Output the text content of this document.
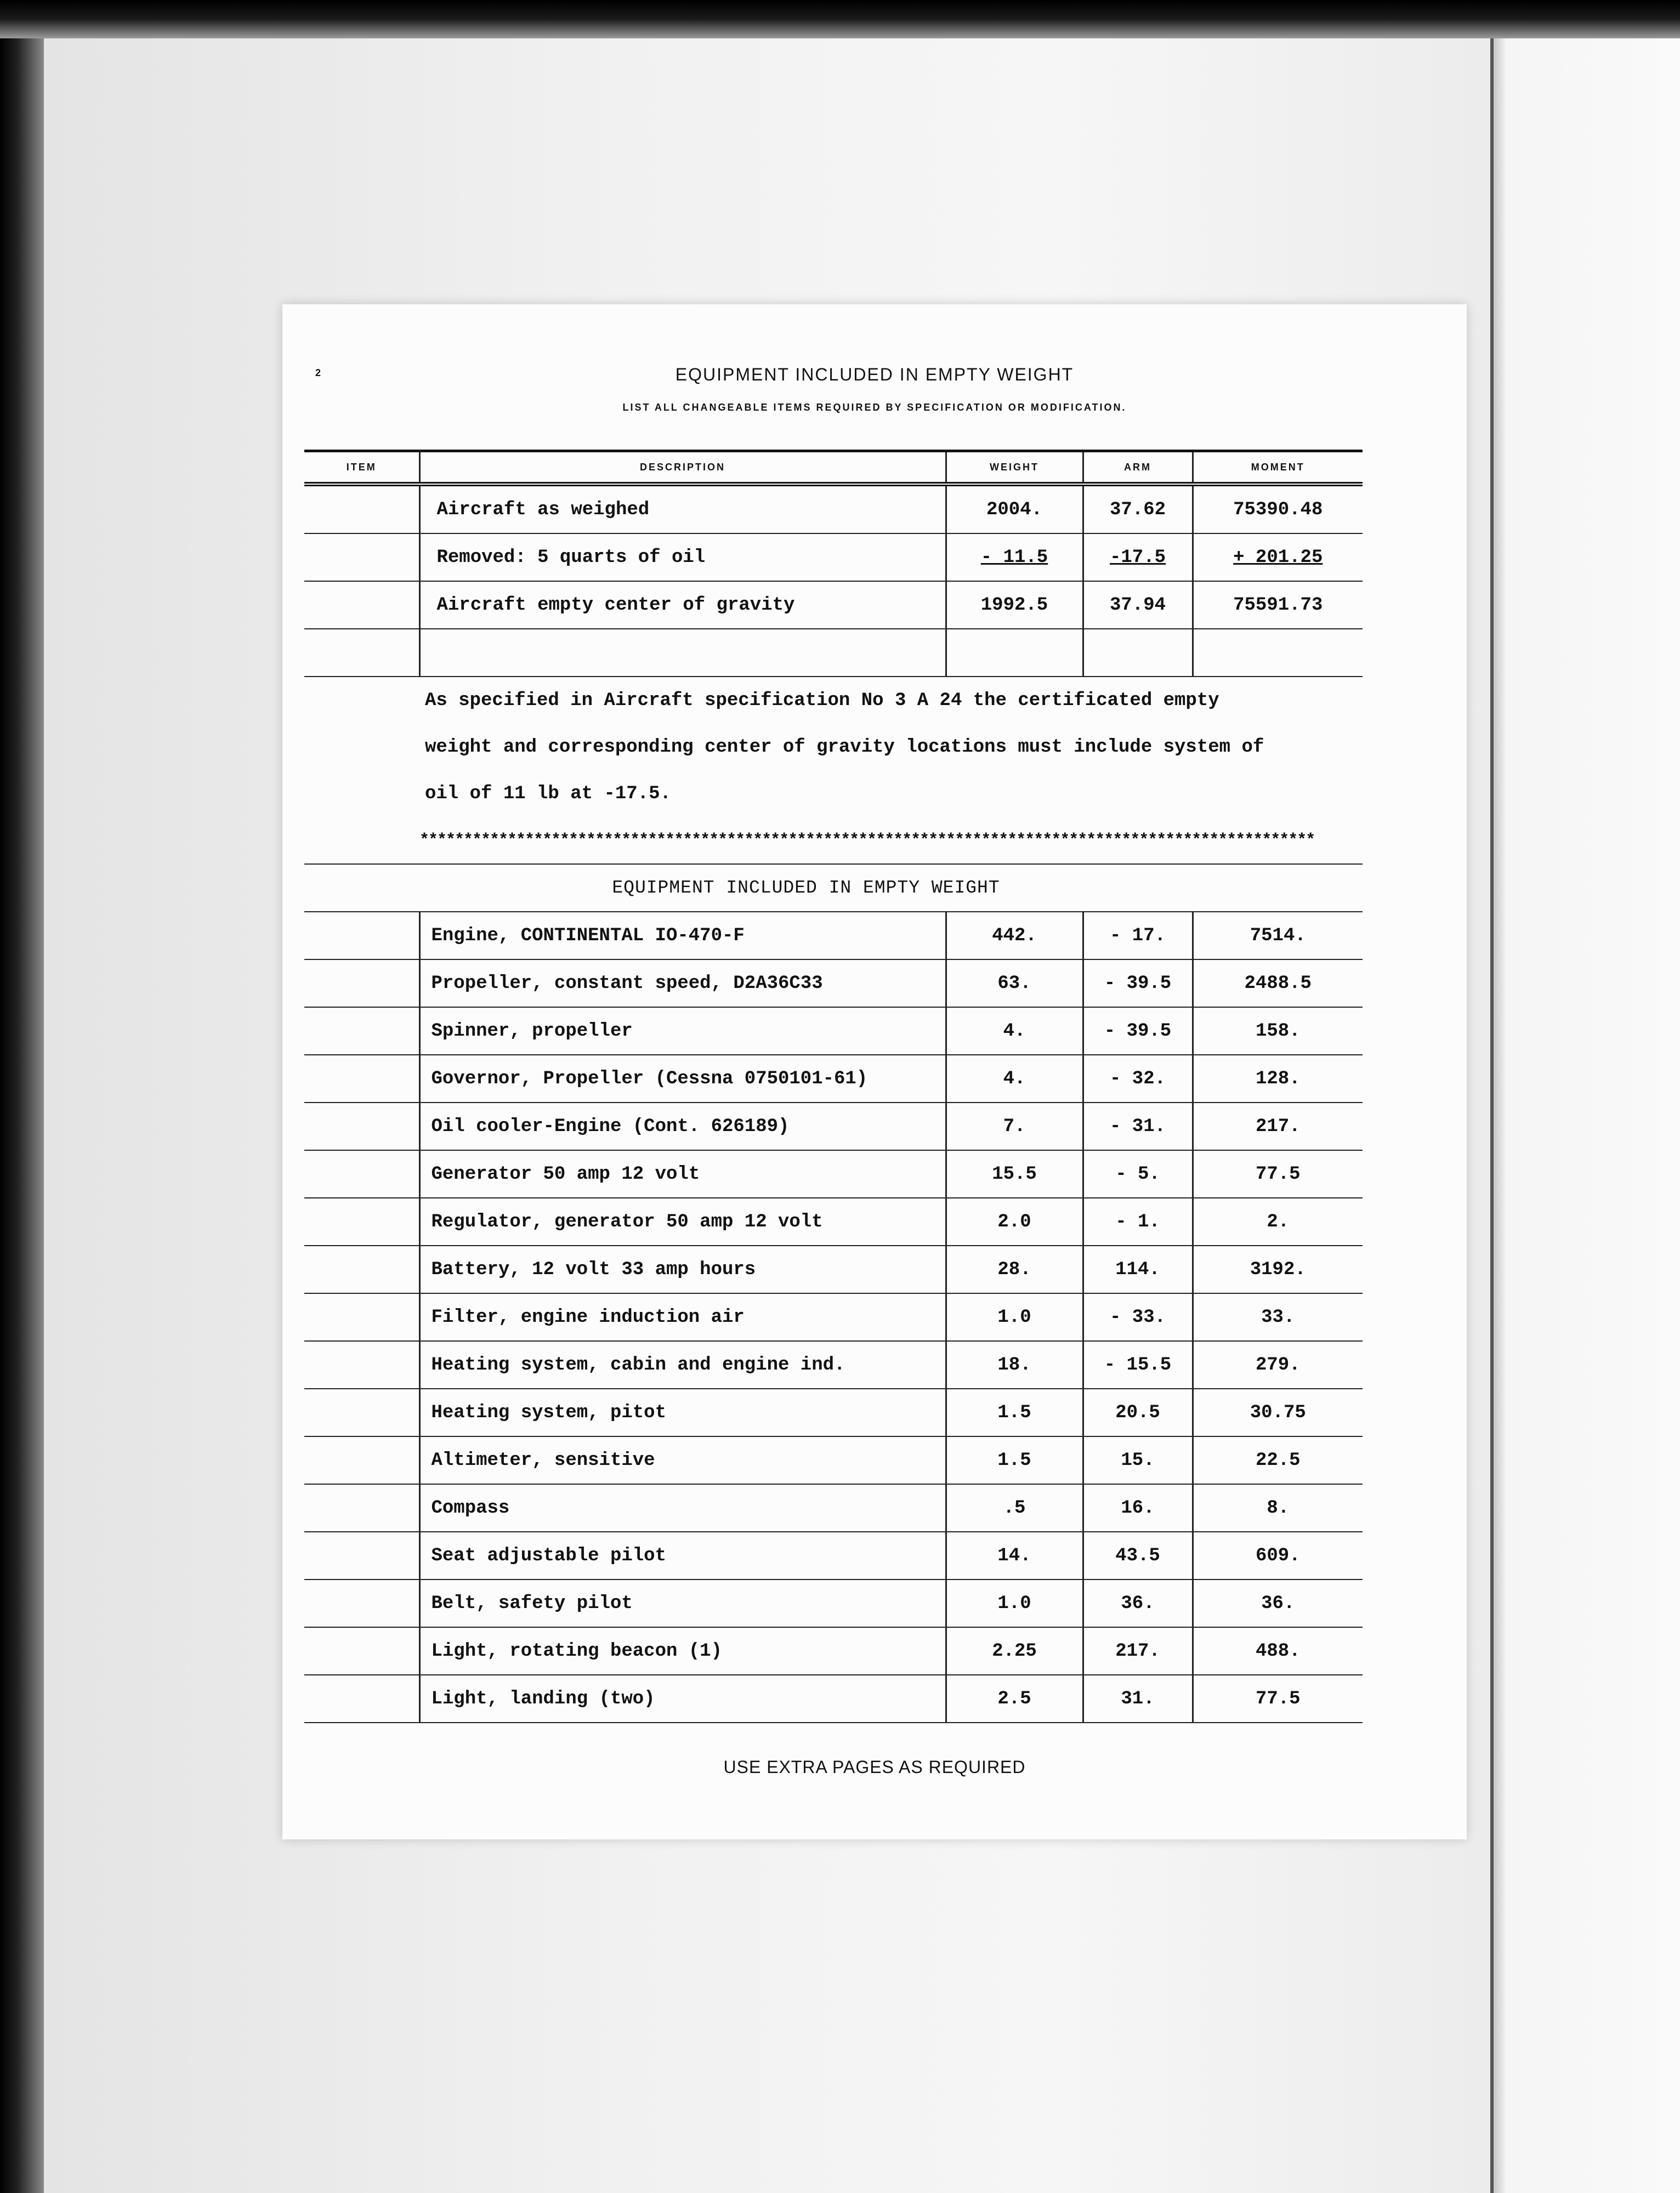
2	EQUIPMENT INCLUDED IN EMPTY WEIGHT
LIST ALL CHANGEABLE ITEMS REQUIRED BY SPECIFICATION OR MODIFICATION.
ITEM	DESCRIPTION	WEIGHT	ARM	MOMENT
	Aircraft as weighed	2004.	37.62	75390.48
	Removed: 5 quarts of oil	- 11.5	-17.5	+ 201.25
	Aircraft empty center of gravity	1992.5	37.94	75591.73

	As specified in Aircraft specification No 3 A 24 the certificated empty			
	weight and corresponding center of gravity locations must include system of			
	oil of 11 lb at -17.5.			
	******************************************************************************************************			
	EQUIPMENT INCLUDED IN EMPTY WEIGHT			
	Engine, CONTINENTAL IO-470-F	442.	- 17.	7514.
	Propeller, constant speed, D2A36C33	63.	- 39.5	2488.5
	Spinner, propeller	4.	- 39.5	158.
	Governor, Propeller (Cessna 0750101-61)	4.	- 32.	128.
	Oil cooler-Engine (Cont. 626189)	7.	- 31.	217.
	Generator 50 amp 12 volt	15.5	- 5.	77.5
	Regulator, generator 50 amp 12 volt	2.0	- 1.	2.
	Battery, 12 volt 33 amp hours	28.	114.	3192.
	Filter, engine induction air	1.0	- 33.	33.
	Heating system, cabin and engine ind.	18.	- 15.5	279.
	Heating system, pitot	1.5	20.5	30.75
	Altimeter, sensitive	1.5	15.	22.5
	Compass	.5	16.	8.
	Seat adjustable pilot	14.	43.5	609.
	Belt, safety pilot	1.0	36.	36.
	Light, rotating beacon (1)	2.25	217.	488.
	Light, landing (two)	2.5	31.	77.5
USE EXTRA PAGES AS REQUIRED
